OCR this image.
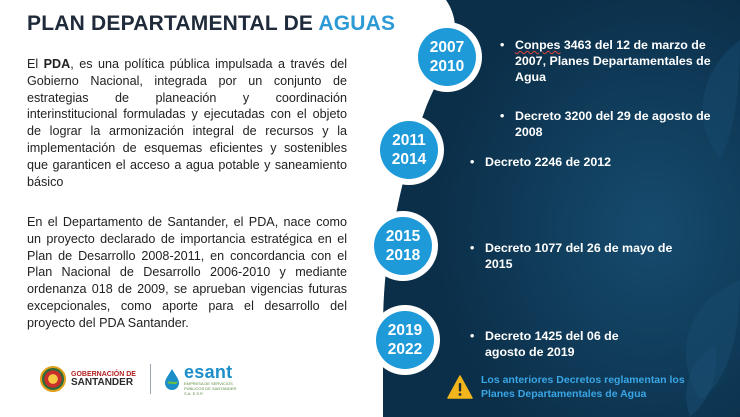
PLAN DEPARTAMENTAL DE AGUAS

El PDA, es una política pública impulsada a través del Gobierno Nacional, integrada por un conjunto de estrategias de planeación y coordinación interinstitucional formuladas y ejecutadas con el objeto de lograr la armonización integral de recursos y la implementación de esquemas eficientes y sostenibles que garanticen el acceso a agua potable y saneamiento básico

En el Departamento de Santander, el PDA, nace como un proyecto declarado de importancia estratégica en el Plan de Desarrollo 2008-2011, en concordancia con el Plan Nacional de Desarrollo 2006-2010 y mediante ordenanza 018 de 2009, se aprueban vigencias futuras excepcionales, como aporte para el desarrollo del proyecto del PDA Santander.

GOBERNACIÓN DE
SANTANDER
esant
EMPRESA DE SERVICIOS PÚBLICOS DE SANTANDER S.A. E.S.P.
2007
2010
2011
2014
2015
2018
2019
2022
• Conpes 3463 del 12 de marzo de 2007, Planes Departamentales de Agua
• Decreto 3200 del 29 de agosto de 2008
• Decreto 2246 de 2012
• Decreto 1077 del 26 de mayo de 2015
• Decreto 1425 del 06 de agosto de 2019
Los anteriores Decretos reglamentan los Planes Departamentales de Agua
